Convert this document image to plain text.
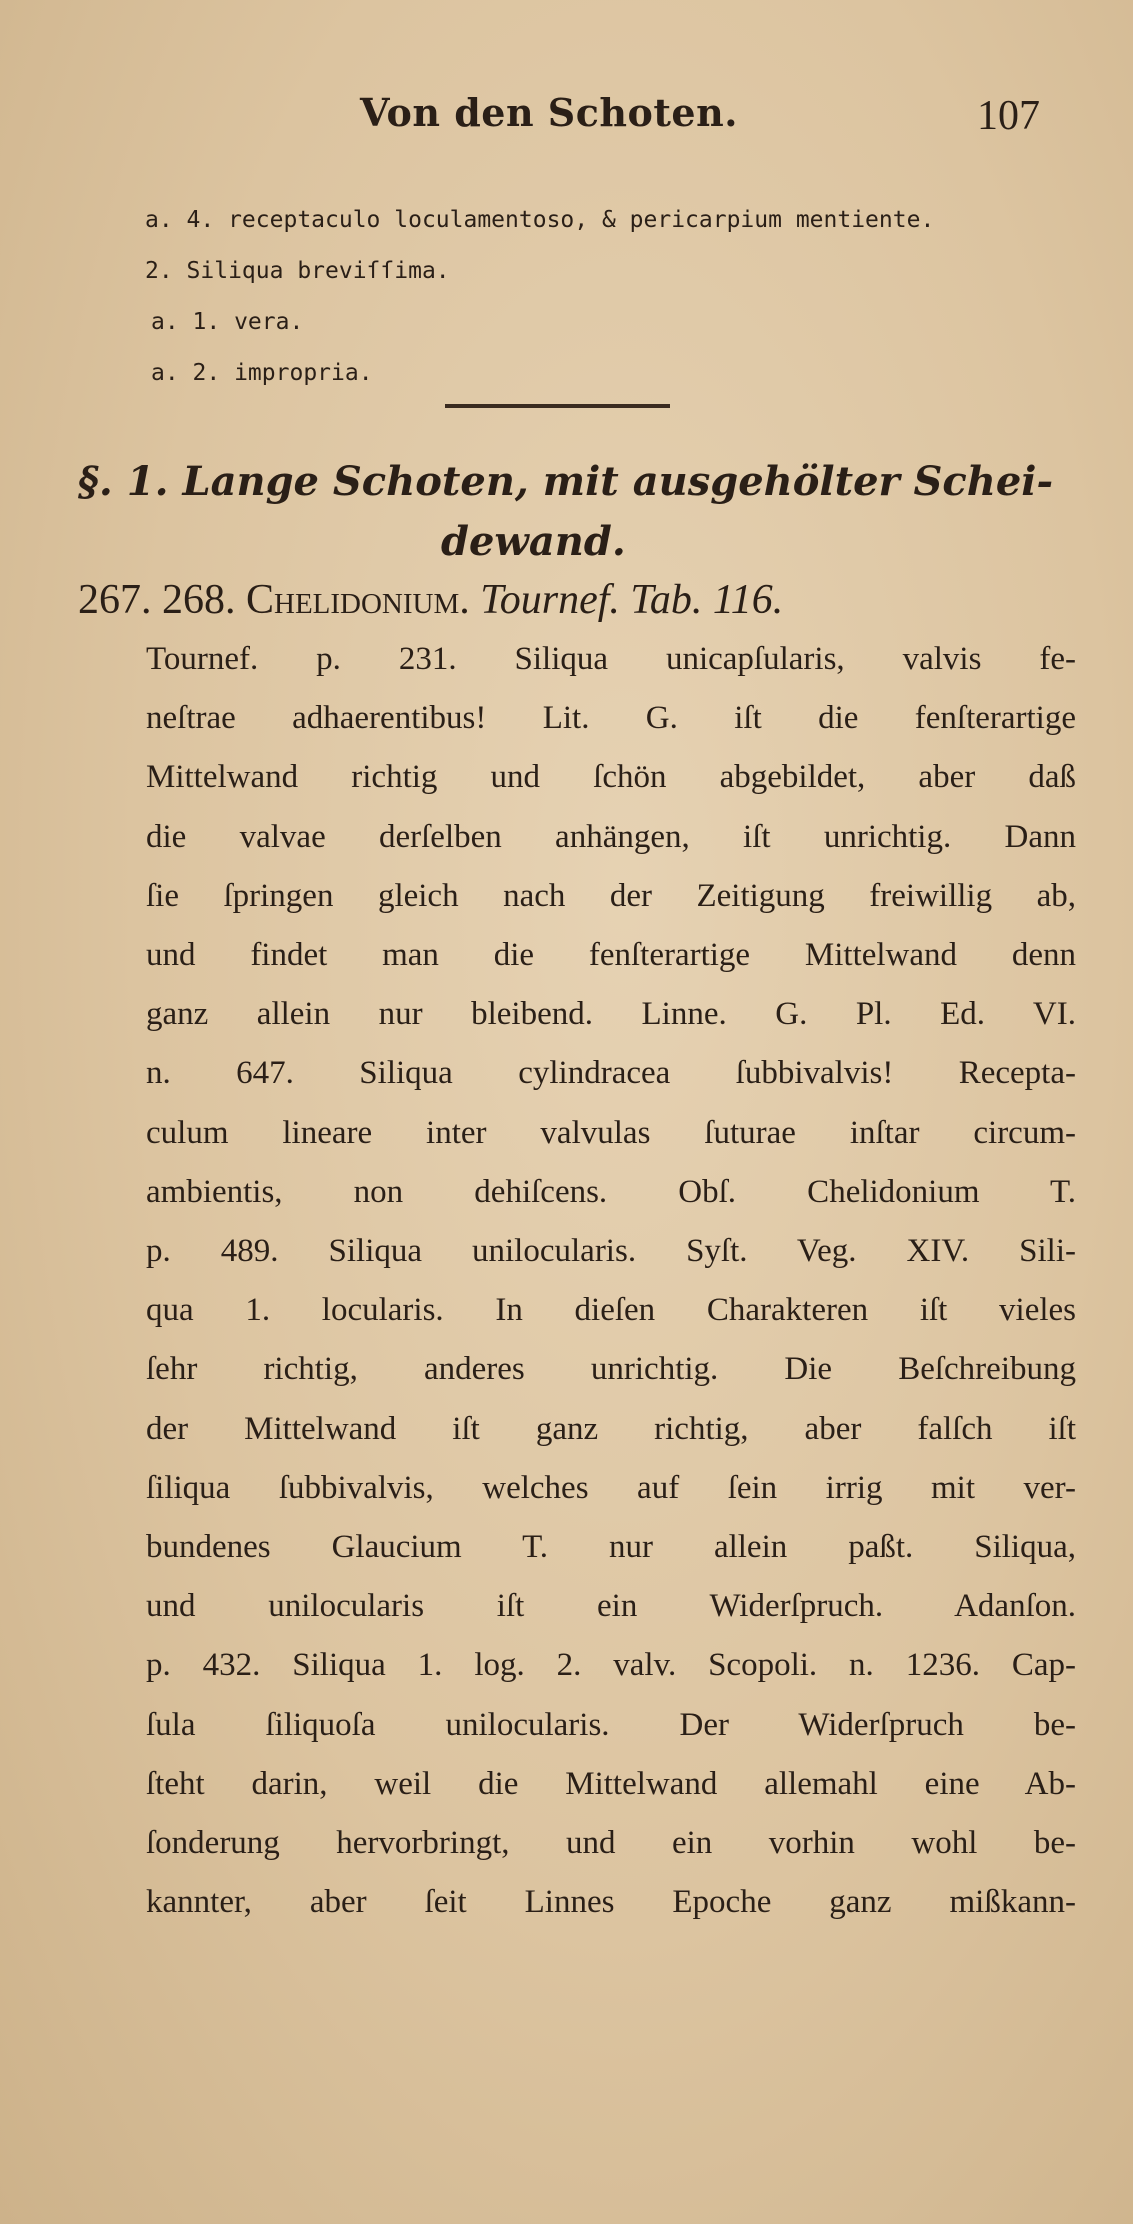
Von den Schoten.	107
a. 4. receptaculo loculamentoso, & pericarpium mentiente.
2. Siliqua breviſſima.
a. 1. vera.
a. 2. impropria.
§. 1. Lange Schoten, mit ausgehölter Schei-
dewand.
267. 268. Chelidonium. Tournef. Tab. 116.
Tournef. p. 231. Siliqua unicapſularis, valvis fe-
neſtrae adhaerentibus! Lit. G. iſt die fenſterartige
Mittelwand richtig und ſchön abgebildet, aber daß
die valvae derſelben anhängen, iſt unrichtig. Dann
ſie ſpringen gleich nach der Zeitigung freiwillig ab,
und findet man die fenſterartige Mittelwand denn
ganz allein nur bleibend. Linne. G. Pl. Ed. VI.
n. 647. Siliqua cylindracea ſubbivalvis! Recepta-
culum lineare inter valvulas ſuturae inſtar circum-
ambientis, non dehiſcens. Obſ. Chelidonium T.
p. 489. Siliqua unilocularis. Syſt. Veg. XIV. Sili-
qua 1. locularis. In dieſen Charakteren iſt vieles
ſehr richtig, anderes unrichtig. Die Beſchreibung
der Mittelwand iſt ganz richtig, aber falſch iſt
ſiliqua ſubbivalvis, welches auf ſein irrig mit ver-
bundenes Glaucium T. nur allein paßt. Siliqua,
und unilocularis iſt ein Widerſpruch. Adanſon.
p. 432. Siliqua 1. log. 2. valv. Scopoli. n. 1236. Cap-
ſula ſiliquoſa unilocularis. Der Widerſpruch be-
ſteht darin, weil die Mittelwand allemahl eine Ab-
ſonderung hervorbringt, und ein vorhin wohl be-
kannter, aber ſeit Linnes Epoche ganz mißkann-
